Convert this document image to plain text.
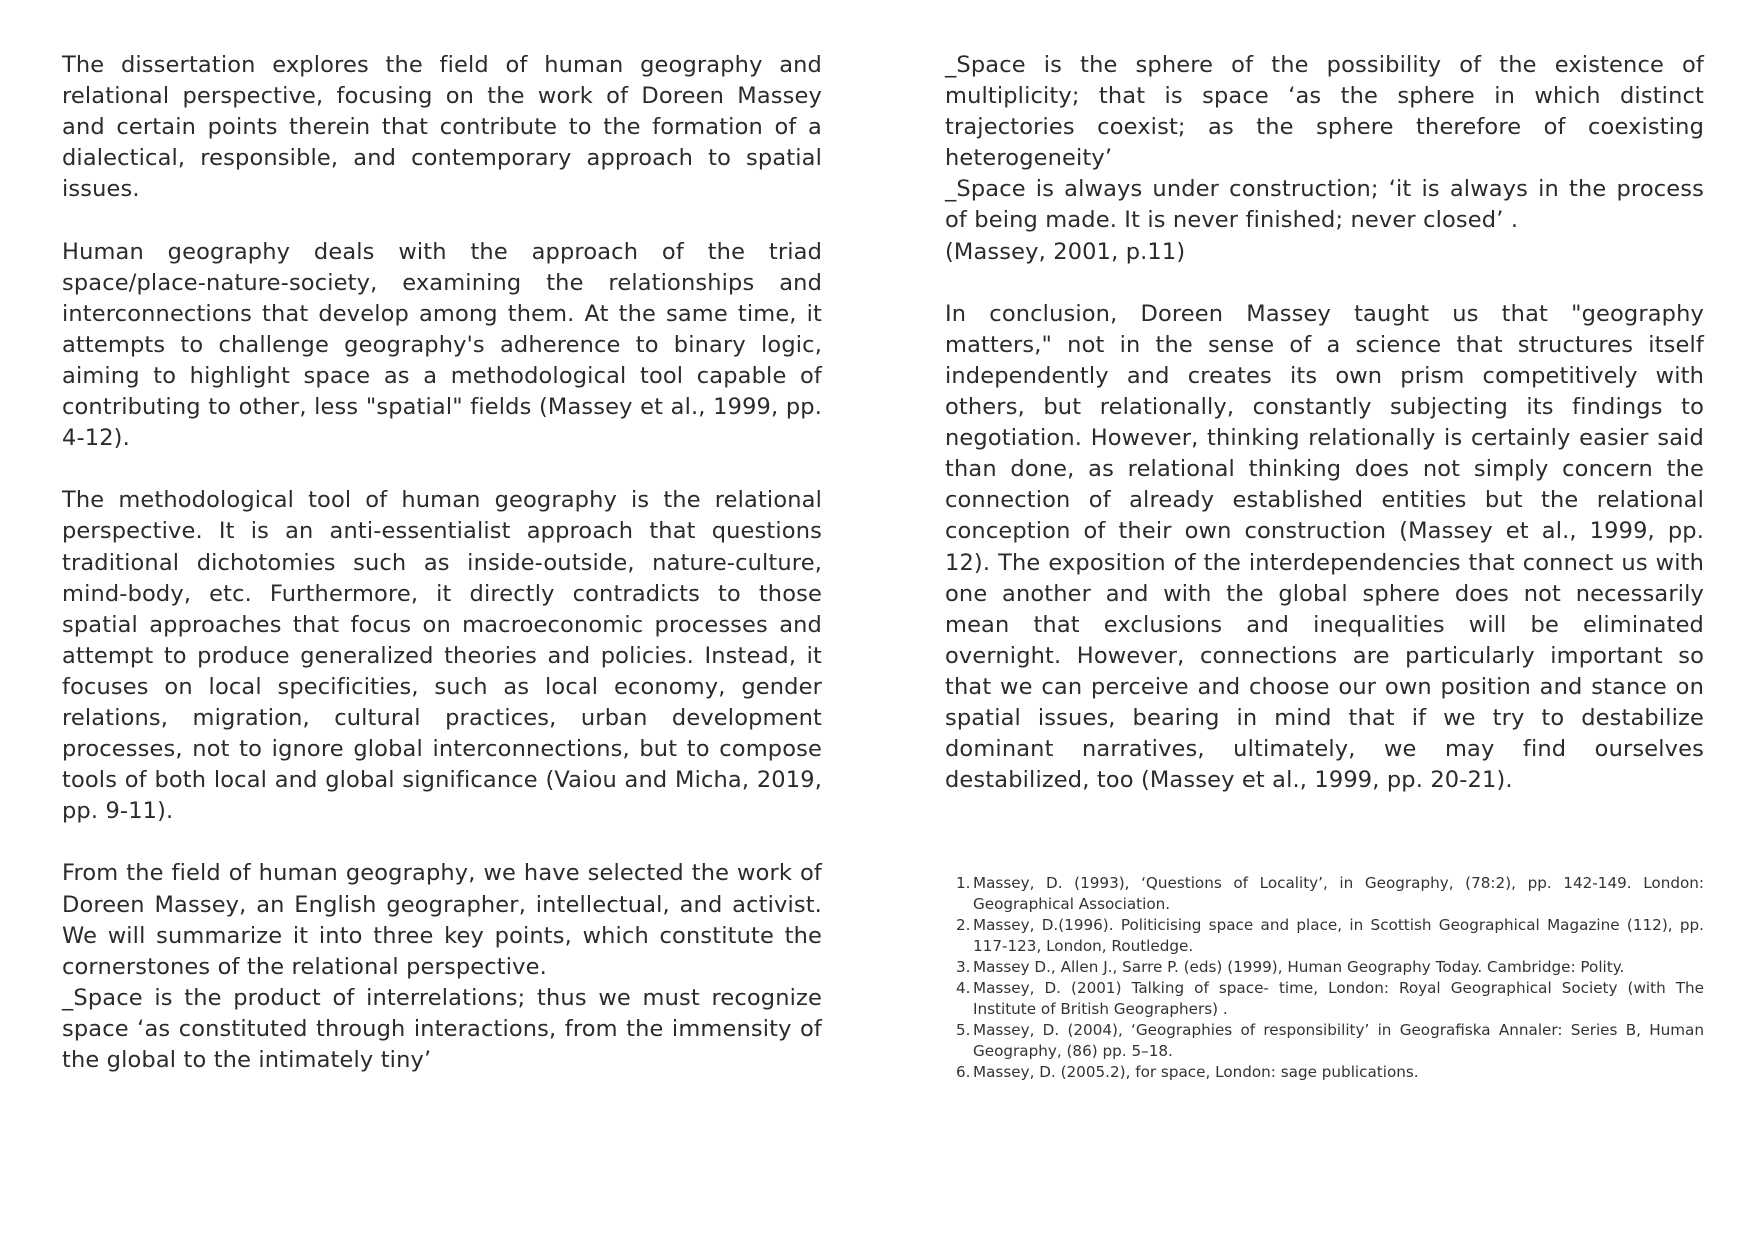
The dissertation explores the field of human geography and relational perspective, focusing on the work of Doreen Massey and certain points therein that contribute to the formation of a dialectical, responsible, and contemporary approach to spatial issues.

Human geography deals with the approach of the triad space/place-nature-society, examining the relationships and interconnections that develop among them. At the same time, it attempts to challenge geography's adherence to binary logic, aiming to highlight space as a methodological tool capable of contributing to other, less "spatial" fields (Massey et al., 1999, pp. 4-12).

The methodological tool of human geography is the relational perspective. It is an anti-essentialist approach that questions traditional dichotomies such as inside-outside, nature-culture, mind-body, etc. Furthermore, it directly contradicts to those spatial approaches that focus on macroeconomic processes and attempt to produce generalized theories and policies. Instead, it focuses on local specificities, such as local economy, gender relations, migration, cultural practices, urban development processes, not to ignore global interconnections, but to compose tools of both local and global significance (Vaiou and Micha, 2019, pp. 9-11).

From the field of human geography, we have selected the work of Doreen Massey, an English geographer, intellectual, and activist. We will summarize it into three key points, which constitute the cornerstones of the relational perspective.

_Space is the product of interrelations; thus we must recognize space ‘as constituted through interactions, from the immensity of the global to the intimately tiny’

_Space is the sphere of the possibility of the existence of multiplicity; that is space ‘as the sphere in which distinct trajectories coexist; as the sphere therefore of coexisting heterogeneity’

_Space is always under construction; ‘it is always in the process of being made. It is never finished; never closed’ .

(Massey, 2001, p.11)

In conclusion, Doreen Massey taught us that "geography matters," not in the sense of a science that structures itself independently and creates its own prism competitively with others, but relationally, constantly subjecting its findings to negotiation. However, thinking relationally is certainly easier said than done, as relational thinking does not simply concern the connection of already established entities but the relational conception of their own construction (Massey et al., 1999, pp. 12). The exposition of the interdependencies that connect us with one another and with the global sphere does not necessarily mean that exclusions and inequalities will be eliminated overnight. However, connections are particularly important so that we can perceive and choose our own position and stance on spatial issues, bearing in mind that if we try to destabilize dominant narratives, ultimately, we may find ourselves destabilized, too (Massey et al., 1999, pp. 20-21).

1. Massey, D. (1993), ‘Questions of Locality’, in Geography, (78:2), pp. 142-149. London: Geographical Association.
2. Massey, D.(1996). Politicising space and place, in Scottish Geographical Magazine (112), pp. 117-123, London, Routledge.
3. Massey D., Allen J., Sarre P. (eds) (1999), Human Geography Today. Cambridge: Polity.
4. Massey, D. (2001) Talking of space- time, London: Royal Geographical Society (with The Institute of British Geographers) .
5. Massey, D. (2004), ‘Geographies of responsibility’ in Geografiska Annaler: Series B, Human Geography, (86) pp. 5–18.
6. Massey, D. (2005.2), for space, London: sage publications.
